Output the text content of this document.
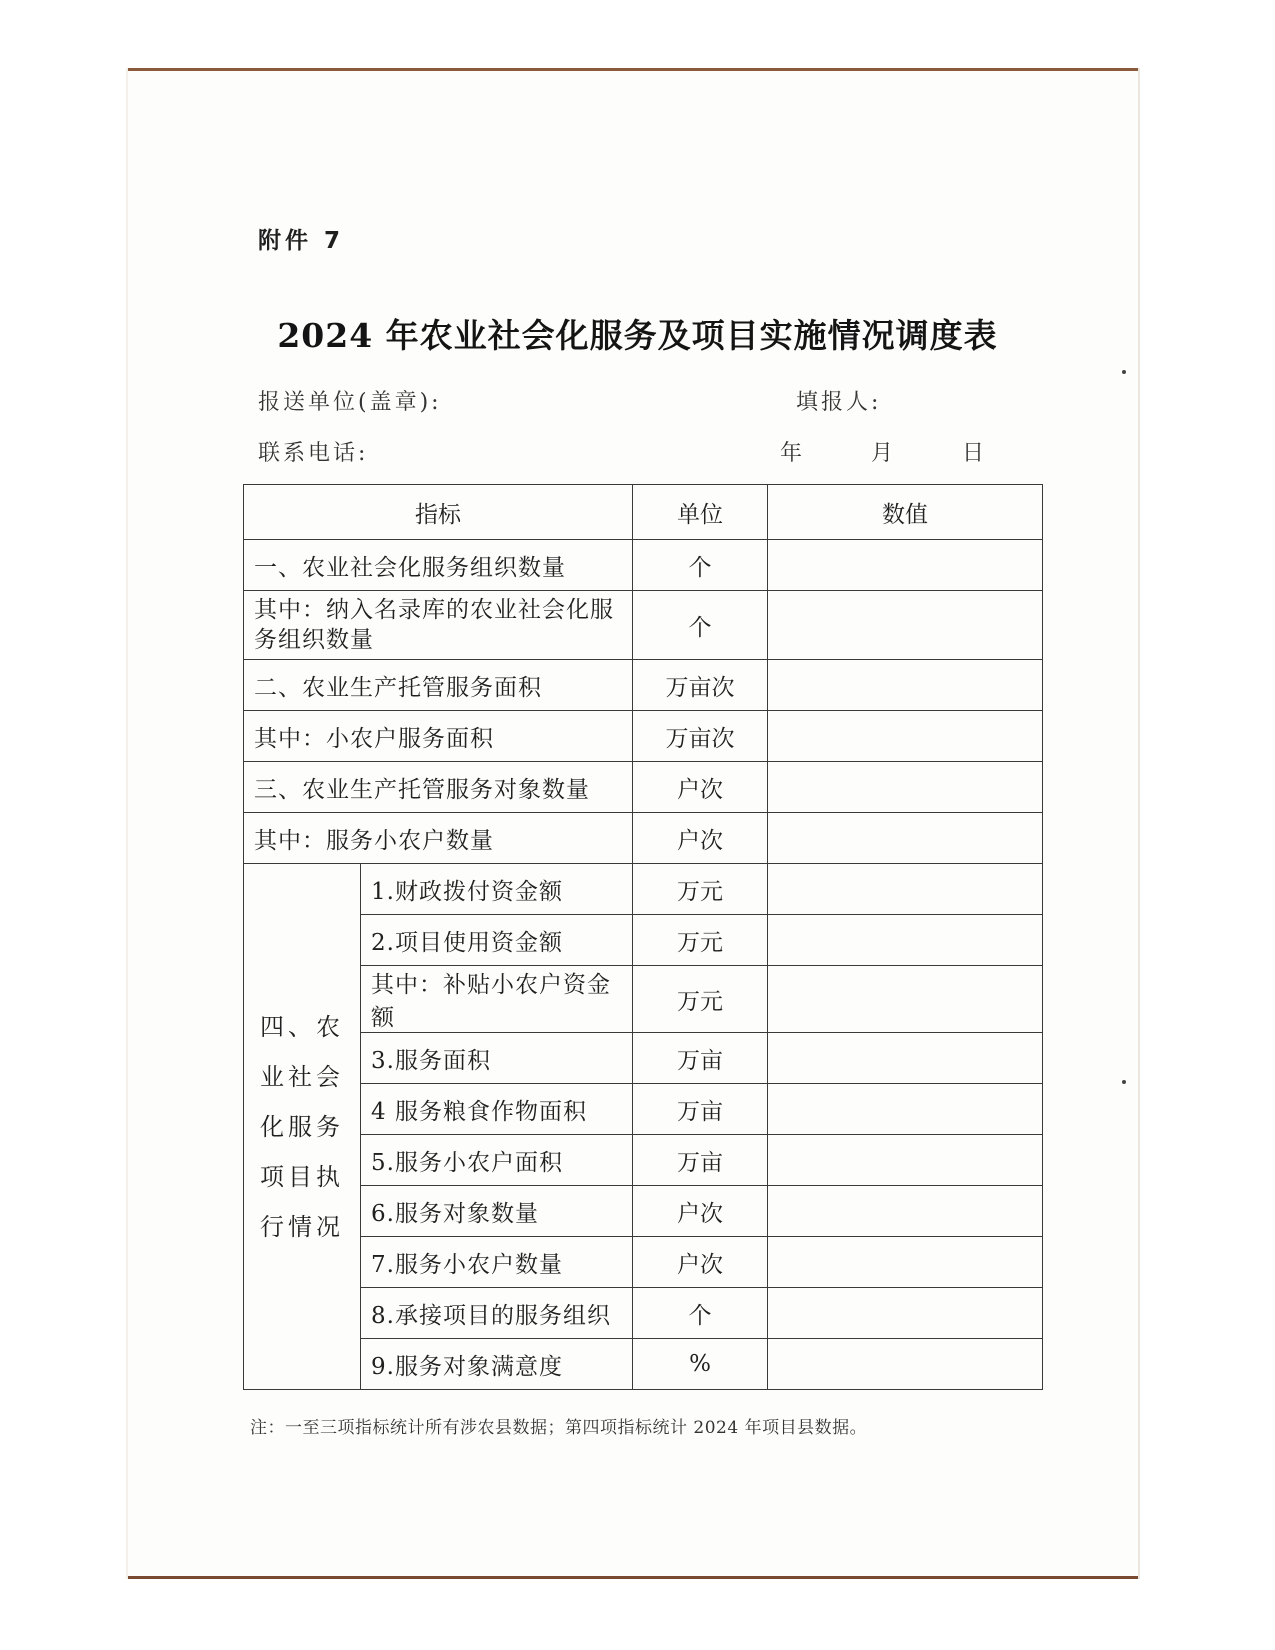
附件 7
2024 年农业社会化服务及项目实施情况调度表
报送单位(盖章):	填报人:
联系电话:	年 月 日
指标		单位	数值
一、农业社会化服务组织数量		个	
其中：纳入名录库的农业社会化服务组织数量		个	
二、农业生产托管服务面积		万亩次	
其中：小农户服务面积		万亩次	
三、农业生产托管服务对象数量		户次	
其中：服务小农户数量		户次	
四、农业社会化服务项目执行情况	1.财政拨付资金额	万元	
	2.项目使用资金额	万元	
	其中：补贴小农户资金额	万元	
	3.服务面积	万亩	
	4 服务粮食作物面积	万亩	
	5.服务小农户面积	万亩	
	6.服务对象数量	户次	
	7.服务小农户数量	户次	
	8.承接项目的服务组织	个	
	9.服务对象满意度	%	
注：一至三项指标统计所有涉农县数据；第四项指标统计 2024 年项目县数据。
